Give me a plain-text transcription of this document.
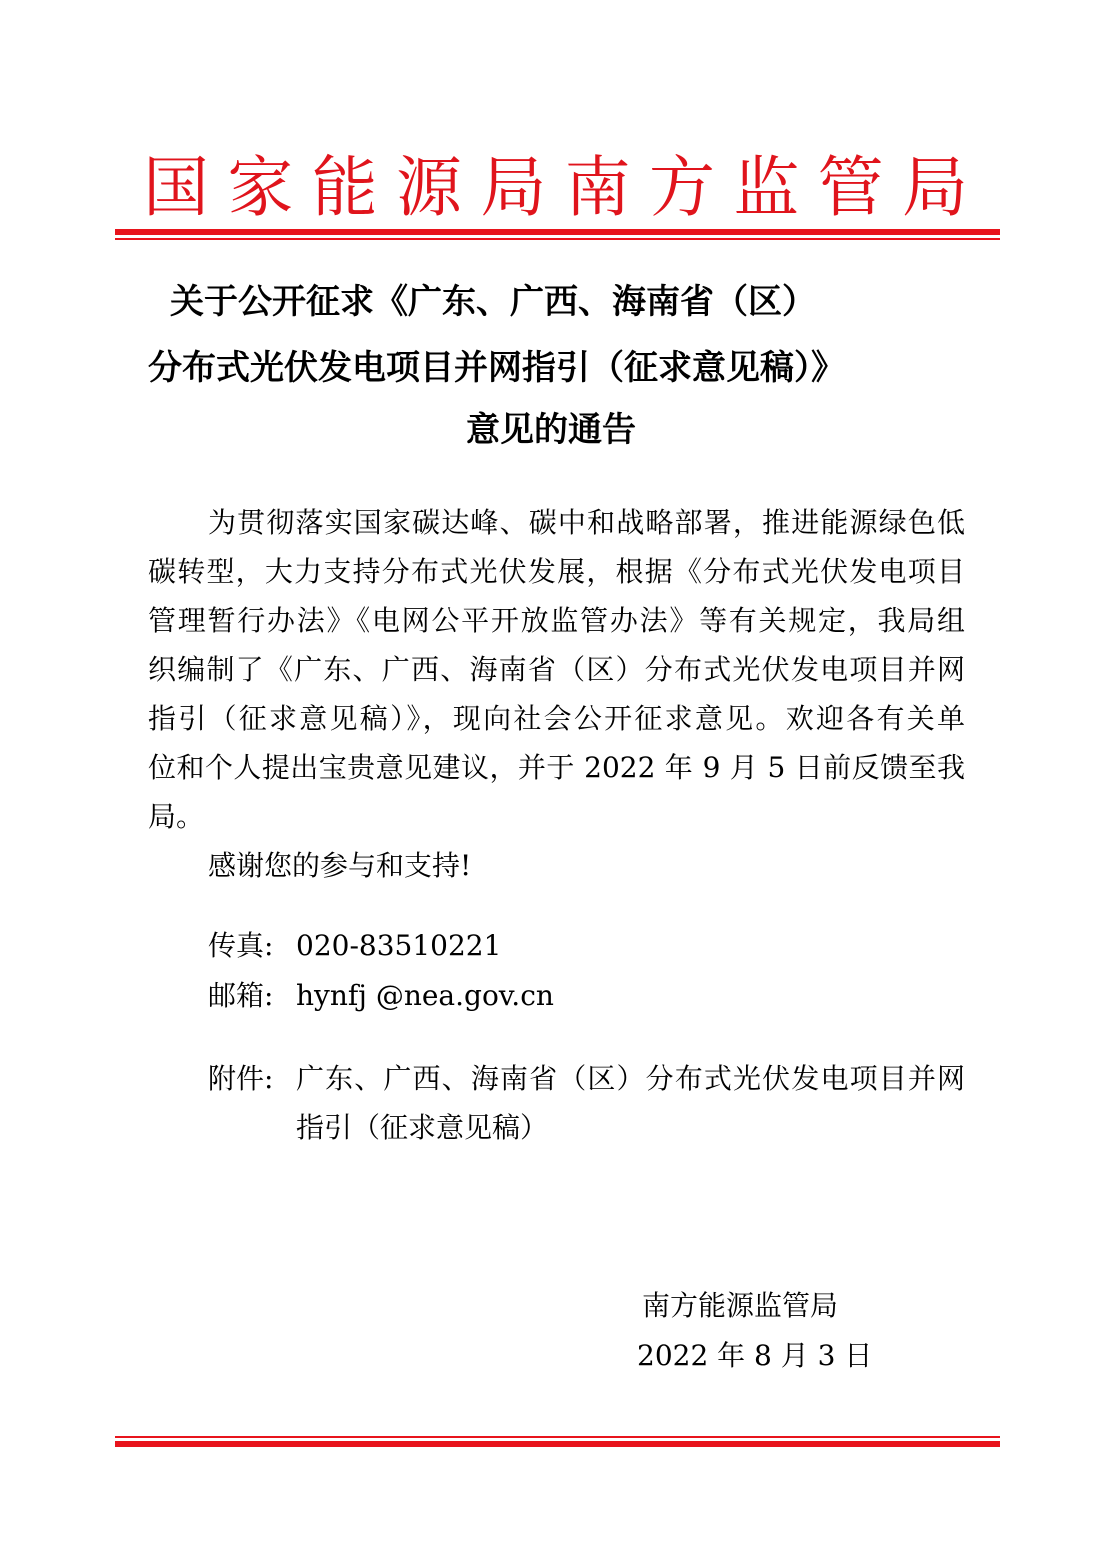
国家能源局南方监管局
关于公开征求《广东、广西、海南省（区）
分布式光伏发电项目并网指引（征求意见稿）》
意见的通告
为贯彻落实国家碳达峰、碳中和战略部署，推进能源绿色低
碳转型，大力支持分布式光伏发展，根据《分布式光伏发电项目
管理暂行办法》《电网公平开放监管办法》等有关规定，我局组
织编制了《广东、广西、海南省（区）分布式光伏发电项目并网
指引（征求意见稿）》，现向社会公开征求意见。欢迎各有关单
位和个人提出宝贵意见建议，并于 2022 年 9 月 5 日前反馈至我
局。
感谢您的参与和支持!
传真: 020-83510221
邮箱: hynfj @nea.gov.cn
附件: 广东、广西、海南省（区）分布式光伏发电项目并网
指引（征求意见稿）
南方能源监管局
2022 年 8 月 3 日
